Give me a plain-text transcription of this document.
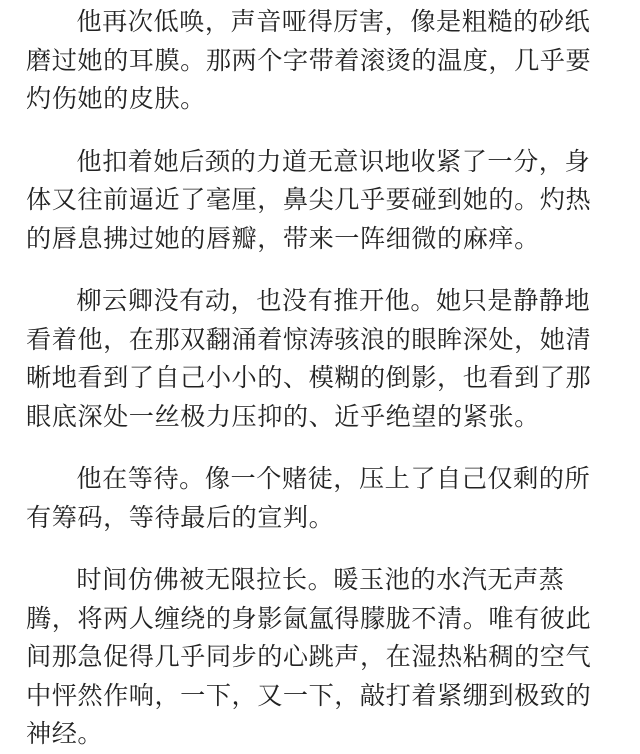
他再次低唤，声音哑得厉害，像是粗糙的砂纸磨过她的耳膜。那两个字带着滚烫的温度，几乎要灼伤她的皮肤。

他扣着她后颈的力道无意识地收紧了一分，身体又往前逼近了毫厘，鼻尖几乎要碰到她的。灼热的唇息拂过她的唇瓣，带来一阵细微的麻痒。

柳云卿没有动，也没有推开他。她只是静静地看着他，在那双翻涌着惊涛骇浪的眼眸深处，她清晰地看到了自己小小的、模糊的倒影，也看到了那眼底深处一丝极力压抑的、近乎绝望的紧张。

他在等待。像一个赌徒，压上了自己仅剩的所有筹码，等待最后的宣判。

时间仿佛被无限拉长。暖玉池的水汽无声蒸腾，将两人缠绕的身影氤氲得朦胧不清。唯有彼此间那急促得几乎同步的心跳声，在湿热粘稠的空气中怦然作响，一下，又一下，敲打着紧绷到极致的神经。
